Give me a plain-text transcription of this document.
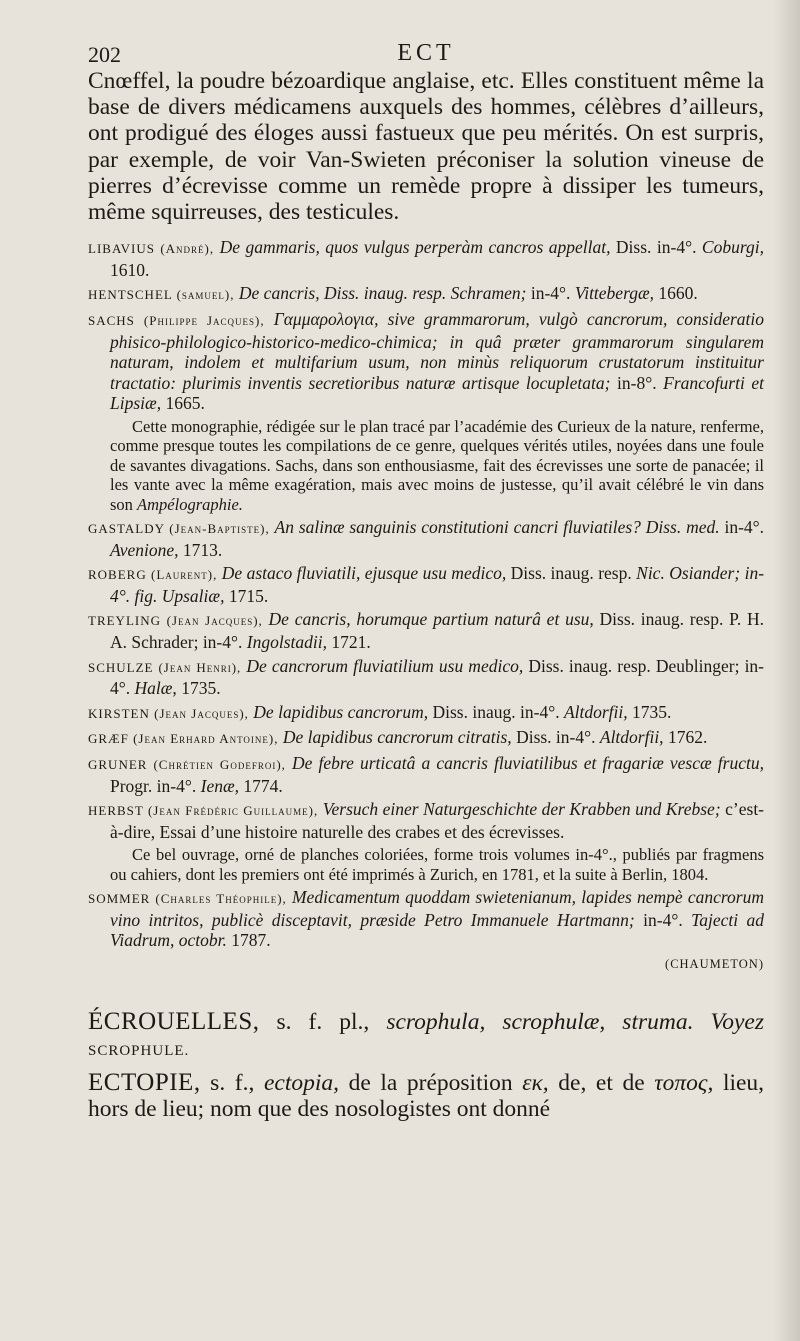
202	ECT

Cnœffel, la poudre bézoardique anglaise, etc. Elles constituent même la base de divers médicamens auxquels des hommes, célèbres d’ailleurs, ont prodigué des éloges aussi fastueux que peu mérités. On est surpris, par exemple, de voir Van-Swieten préconiser la solution vineuse de pierres d’écrevisse comme un remède propre à dissiper les tumeurs, même squirreuses, des testicules.

LIBAVIUS (André), De gammaris, quos vulgus perperàm cancros appellat, Diss. in-4°. Coburgi, 1610.

HENTSCHEL (samuel), De cancris, Diss. inaug. resp. Schramen; in-4°. Vittebergæ, 1660.

SACHS (Philippe Jacques), Γαμμαρολογια, sive grammarorum, vulgò cancrorum, consideratio phisico-philologico-historico-medico-chimica; in quâ præter grammarorum singularem naturam, indolem et multifarium usum, non minùs reliquorum crustatorum instituitur tractatio: plurimis inventis secretioribus naturæ artisque locupletata; in-8°. Francofurti et Lipsiæ, 1665.

Cette monographie, rédigée sur le plan tracé par l’académie des Curieux de la nature, renferme, comme presque toutes les compilations de ce genre, quelques vérités utiles, noyées dans une foule de savantes divagations. Sachs, dans son enthousiasme, fait des écrevisses une sorte de panacée; il les vante avec la même exagération, mais avec moins de justesse, qu’il avait célébré le vin dans son Ampélographie.

GASTALDY (Jean-Baptiste), An salinæ sanguinis constitutioni cancri fluviatiles? Diss. med. in-4°. Avenione, 1713.

ROBERG (Laurent), De astaco fluviatili, ejusque usu medico, Diss. inaug. resp. Nic. Osiander; in-4°. fig. Upsaliæ, 1715.

TREYLING (Jean Jacques), De cancris, horumque partium naturâ et usu, Diss. inaug. resp. P. H. A. Schrader; in-4°. Ingolstadii, 1721.

SCHULZE (Jean Henri), De cancrorum fluviatilium usu medico, Diss. inaug. resp. Deublinger; in-4°. Halæ, 1735.

KIRSTEN (Jean Jacques), De lapidibus cancrorum, Diss. inaug. in-4°. Altdorfii, 1735.

GRÆF (Jean Erhard Antoine), De lapidibus cancrorum citratis, Diss. in-4°. Altdorfii, 1762.

GRUNER (Chrétien Godefroi), De febre urticatâ a cancris fluviatilibus et fragariæ vescæ fructu, Progr. in-4°. Ienæ, 1774.

HERBST (Jean Frédéric Guillaume), Versuch einer Naturgeschichte der Krabben und Krebse; c’est-à-dire, Essai d’une histoire naturelle des crabes et des écrevisses.

Ce bel ouvrage, orné de planches coloriées, forme trois volumes in-4°., publiés par fragmens ou cahiers, dont les premiers ont été imprimés à Zurich, en 1781, et la suite à Berlin, 1804.

SOMMER (Charles Théophile), Medicamentum quoddam swietenianum, lapides nempè cancrorum vino intritos, publicè disceptavit, præside Petro Immanuele Hartmann; in-4°. Tajecti ad Viadrum, octobr. 1787.

(CHAUMETON)

ÉCROUELLES, s. f. pl., scrophula, scrophulæ, struma. Voyez SCROPHULE.

ECTOPIE, s. f., ectopia, de la préposition εκ, de, et de τοπος, lieu, hors de lieu; nom que des nosologistes ont donné
